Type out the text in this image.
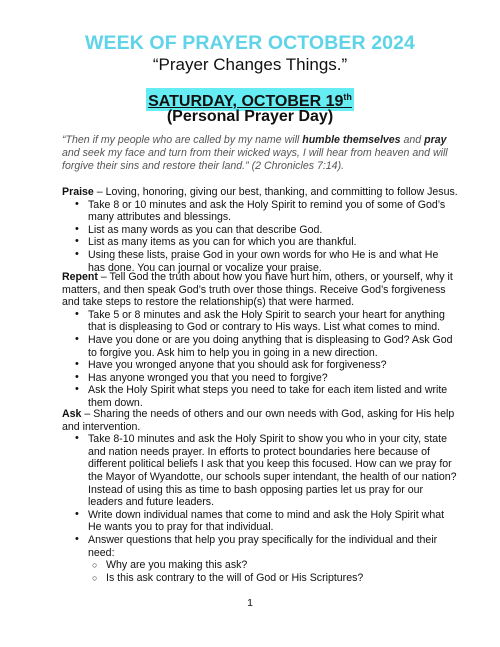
WEEK OF PRAYER OCTOBER 2024
“Prayer Changes Things.”
SATURDAY, OCTOBER 19th
(Personal Prayer Day)
“Then if my people who are called by my name will humble themselves and pray and seek my face and turn from their wicked ways, I will hear from heaven and will forgive their sins and restore their land.” (2 Chronicles 7:14).
Praise – Loving, honoring, giving our best, thanking, and committing to follow Jesus.
• Take 8 or 10 minutes and ask the Holy Spirit to remind you of some of God’s many attributes and blessings.
• List as many words as you can that describe God.
• List as many items as you can for which you are thankful.
• Using these lists, praise God in your own words for who He is and what He has done. You can journal or vocalize your praise.
Repent – Tell God the truth about how you have hurt him, others, or yourself, why it matters, and then speak God’s truth over those things. Receive God’s forgiveness and take steps to restore the relationship(s) that were harmed.
• Take 5 or 8 minutes and ask the Holy Spirit to search your heart for anything that is displeasing to God or contrary to His ways. List what comes to mind.
• Have you done or are you doing anything that is displeasing to God? Ask God to forgive you. Ask him to help you in going in a new direction.
• Have you wronged anyone that you should ask for forgiveness?
• Has anyone wronged you that you need to forgive?
• Ask the Holy Spirit what steps you need to take for each item listed and write them down.
Ask – Sharing the needs of others and our own needs with God, asking for His help and intervention.
• Take 8-10 minutes and ask the Holy Spirit to show you who in your city, state and nation needs prayer. In efforts to protect boundaries here because of different political beliefs I ask that you keep this focused. How can we pray for the Mayor of Wyandotte, our schools super intendant, the health of our nation? Instead of using this as time to bash opposing parties let us pray for our leaders and future leaders.
• Write down individual names that come to mind and ask the Holy Spirit what He wants you to pray for that individual.
• Answer questions that help you pray specifically for the individual and their need:
○ Why are you making this ask?
○ Is this ask contrary to the will of God or His Scriptures?
1
